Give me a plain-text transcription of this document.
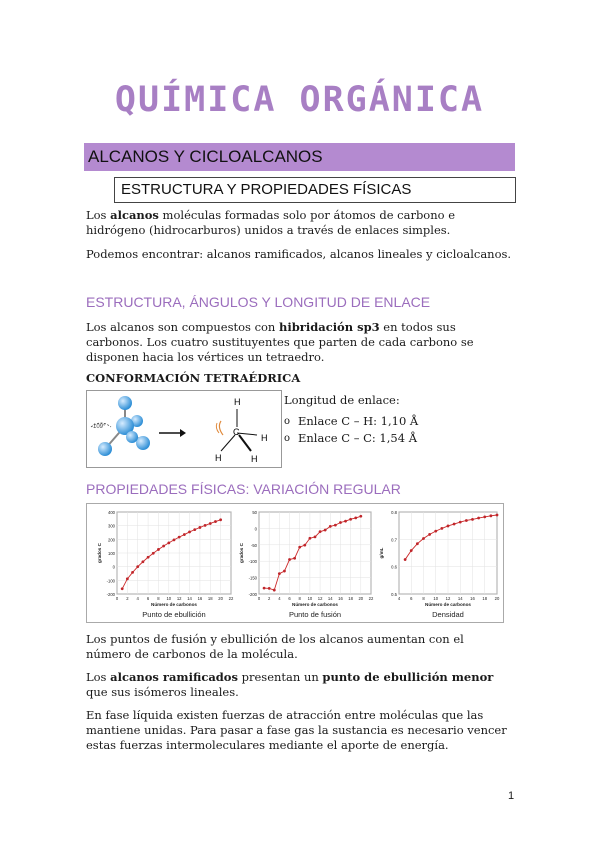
QUÍMICA ORGÁNICA
ALCANOS Y CICLOALCANOS
ESTRUCTURA Y PROPIEDADES FÍSICAS
Los alcanos moléculas formadas solo por átomos de carbono e hidrógeno (hidrocarburos) unidos a través de enlaces simples.
Podemos encontrar: alcanos ramificados, alcanos lineales y cicloalcanos.
ESTRUCTURA, ÁNGULOS Y LONGITUD DE ENLACE
Los alcanos son compuestos con hibridación sp3 en todos sus carbonos. Los cuatro sustituyentes que parten de cada carbono se disponen hacia los vértices un tetraedro.
CONFORMACIÓN TETRAÉDRICA
109°
H
C
H
H	H
Longitud de enlace:
o Enlace C – H: 1,10 Å
o Enlace C – C: 1,54 Å
PROPIEDADES FÍSICAS: VARIACIÓN REGULAR
-200
-100
0
100
200
300
400
0 2 4 6 8 10 12 14 16 18 20 22
Número de carbonos
grados C
Punto de ebullición
-200
-150
-100
-50
0
50
0 2 4 6 8 10 12 14 16 18 20 22
Número de carbonos
grados C
Punto de fusión
0.5
0.6
0.7
0.8
4 6 8 10 12 14 16 18 20
Número de carbonos
g/mL
Densidad
Los puntos de fusión y ebullición de los alcanos aumentan con el número de carbonos de la molécula.
Los alcanos ramificados presentan un punto de ebullición menor que sus isómeros lineales.
En fase líquida existen fuerzas de atracción entre moléculas que las mantiene unidas. Para pasar a fase gas la sustancia es necesario vencer estas fuerzas intermoleculares mediante el aporte de energía.
1
